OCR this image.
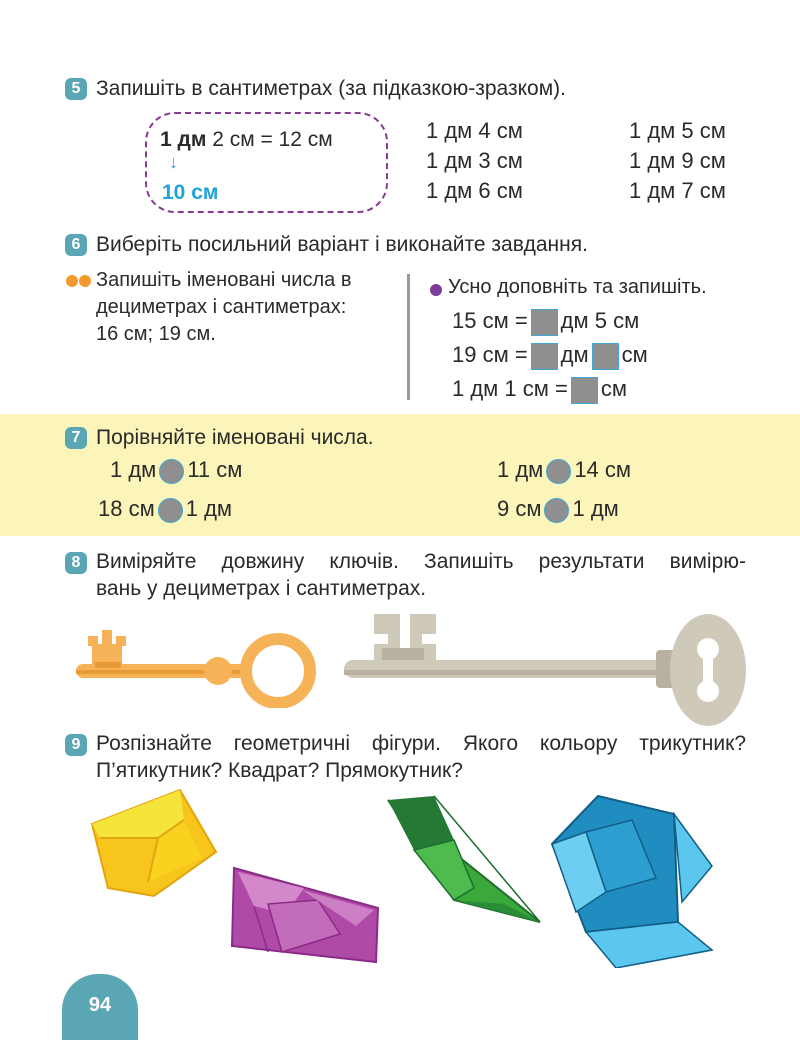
5 Запишіть в сантиметрах (за підказкою-зразком).
1 дм 2 см = 12 см
↓
10 см
1 дм 4 см
1 дм 3 см
1 дм 6 см
1 дм 5 см
1 дм 9 см
1 дм 7 см
6 Виберіть посильний варіант і виконайте завдання.
Запишіть іменовані числа в
дециметрах і сантиметрах:
16 см; 19 см.
Усно доповніть та запишіть.
15 см = дм 5 см
19 см = дм см
1 дм 1 см = см
7 Порівняйте іменовані числа.
1 дм 11 см
18 см 1 дм
1 дм 14 см
9 см 1 дм
8 Виміряйте довжину ключів. Запишіть результати вимірю-
вань у дециметрах і сантиметрах.
9 Розпізнайте геометричні фігури. Якого кольору трикутник?
П’ятикутник? Квадрат? Прямокутник?
94
